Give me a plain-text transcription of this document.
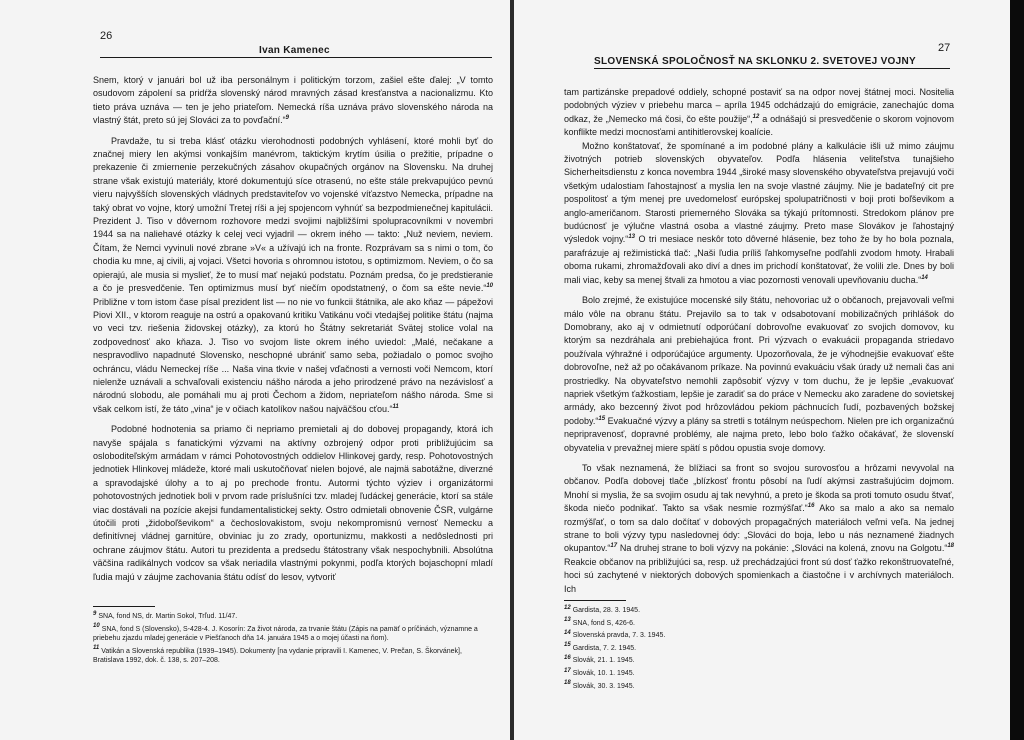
26
Ivan Kamenec

Snem, ktorý v januári bol už iba personálnym i politickým torzom, zašiel ešte ďalej: „V tomto osudovom zápolení sa pridŕža slovenský národ mravných zásad kresťanstva a nacionalizmu. Kto tieto práva uznáva — ten je jeho priateľom. Nemecká ríša uznáva právo slovenského národa na vlastný štát, preto sú jej Slováci za to povďační.“$^9$

Pravdaže, tu si treba klásť otázku vierohodnosti podobných vyhlásení, ktoré mohli byť do značnej miery len akýmsi vonkajším manévrom, taktickým krytím úsilia o prežitie, prípadne o prekazenie či zmiernenie perzekučných zásahov okupačných orgánov na Slovensku. Na druhej strane však existujú materiály, ktoré dokumentujú síce otrasenú, no ešte stále prekvapujúco pevnú vieru najvyšších slovenských vládnych predstaviteľov vo vojenské víťazstvo Nemecka, prípadne na taký obrat vo vojne, ktorý umožní Tretej ríši a jej spojencom vyhnúť sa bezpodmienečnej kapitulácii. Prezident J. Tiso v dôvernom rozhovore medzi svojimi najbližšími spolupracovníkmi v novembri 1944 sa na naliehavé otázky k celej veci vyjadril — okrem iného — takto: „Nuž neviem, neviem. Čítam, že Nemci vyvinuli nové zbrane »V« a užívajú ich na fronte. Rozprávam sa s nimi o tom, čo chodia ku mne, aj civili, aj vojaci. Všetci hovoria s ohromnou istotou, s optimizmom. Neviem, o čo sa opierajú, ale musia si myslieť, že to musí mať nejakú podstatu. Poznám predsa, čo je predstieranie a čo je presvedčenie. Ten optimizmus musí byť niečím opodstatnený, o čom sa ešte nevie.“$^{10}$ Približne v tom istom čase písal prezident list — no nie vo funkcii štátnika, ale ako kňaz — pápežovi Piovi XII., v ktorom reaguje na ostrú a opakovanú kritiku Vatikánu voči vtedajšej politike štátu (najma vo veci tzv. riešenia židovskej otázky), za ktorú ho Štátny sekretariát Svätej stolice volal na zodpovednosť ako kňaza. J. Tiso vo svojom liste okrem iného uviedol: „Malé, nečakane a nespravodlivo napadnuté Slovensko, neschopné ubrániť samo seba, požiadalo o pomoc svojho ochráncu, vládu Nemeckej ríše ... Naša vina tkvie v našej vďačnosti a vernosti voči Nemcom, ktorí nielenže uznávali a schvaľovali existenciu nášho národa a jeho prirodzené právo na nezávislosť a národnú slobodu, ale pomáhali mu aj proti Čechom a židom, nepriateľom nášho národa. Sme si však celkom istí, že táto „vina“ je v očiach katolíkov našou najväčšou cťou.“$^{11}$

Podobné hodnotenia sa priamo či nepriamo premietali aj do dobovej propagandy, ktorá ich navyše spájala s fanatickými výzvami na aktívny ozbrojený odpor proti približujúcim sa osloboditeľským armádam v rámci Pohotovostných oddielov Hlinkovej gardy, resp. Pohotovostných jednotiek Hlinkovej mládeže, ktoré mali uskutočňovať nielen bojové, ale najmä sabotážne, diverzné a spravodajské úlohy a to aj po prechode frontu. Autormi týchto výziev i organizátormi pohotovostných jednotiek boli v prvom rade príslušníci tzv. mladej ľudáckej generácie, ktorí sa stále viac dostávali na pozície akejsi fundamentalistickej sekty. Ostro odmietali obnovenie ČSR, vulgárne útočili proti „židoboľševikom“ a čechoslovakistom, svoju nekompromisnú vernosť Nemecku a definitívnej vládnej garnitúre, obviniac ju zo zrady, oportunizmu, makkosti a nedôslednosti pri ochrane záujmov štátu. Autori tu prezidenta a predsedu štátostrany však nespochybnili. Absolútna väčšina radikálnych vodcov sa však neriadila vlastnými pokynmi, podľa ktorých bojaschopní mladí ľudia majú v záujme zachovania štátu odísť do lesov, vytvoriť

9 SNA, fond NS, dr. Martin Sokol, Trľud. 11/47.
10 SNA, fond S (Slovensko), S-428-4. J. Kosorín: Za život národa, za trvanie štátu (Zápis na pamäť o príčinách, významne a priebehu zjazdu mladej generácie v Piešťanoch dňa 14. januára 1945 a o mojej účasti na ňom).
11 Vatikán a Slovenská republika (1939–1945). Dokumenty [na vydanie pripravili I. Kamenec, V. Prečan, S. Škorvánek], Bratislava 1992, dok. č. 138, s. 207–208.
27
SLOVENSKÁ SPOLOČNOSŤ NA SKLONKU 2. SVETOVEJ VOJNY

tam partizánske prepadové oddiely, schopné postaviť sa na odpor novej štátnej moci. Nositelia podobných výziev v priebehu marca – apríla 1945 odchádzajú do emigrácie, zanechajúc doma odkaz, že „Nemecko má čosi, čo ešte použije“,$^{12}$ a odnášajú si presvedčenie o skorom vojnovom konflikte medzi mocnosťami antihitlerovskej koalície.

Možno konštatovať, že spomínané a im podobné plány a kalkulácie išli už mimo záujmu životných potrieb slovenských obyvateľov. Podľa hlásenia veliteľstva tunajšieho Sicherheitsdienstu z konca novembra 1944 „široké masy slovenského obyvateľstva prejavujú voči všetkým udalostiam ľahostajnosť a myslia len na svoje vlastné záujmy. Nie je badateľný cit pre pospolitosť a tým menej pre uvedomelosť európskej spolupatričnosti v boji proti boľševikom a anglo-američanom. Starosti priemerného Slováka sa týkajú prítomnosti. Stredokom plánov pre budúcnosť je výlučne vlastná osoba a vlastné záujmy. Preto mase Slovákov je ľahostajný výsledok vojny.“$^{13}$ O tri mesiace neskôr toto dôverné hlásenie, bez toho že by ho bola poznala, parafrázuje aj režimistická tlač: „Naši ľudia príliš ľahkomyseľne podľahli zvodom hmoty. Hrabali obomа rukami, zhromažďovali ako diví a dnes im prichodí konštatovať, že volili zle. Dnes by boli mali viac, keby sa menej štvali za hmotou a viac pozornosti venovali upevňovaniu ducha.“$^{14}$

Bolo zrejmé, že existujúce mocenské sily štátu, nehovoriac už o občanoch, prejavovali veľmi málo vôle na obranu štátu. Prejavilo sa to tak v odsabotovaní mobilizačných prihlášok do Domobrany, ako aj v odmietnutí odporúčaní dobrovoľne evakuovať zo svojich domovov, ku ktorým sa nezdráhala ani prebiehajúca front. Pri výzvach o evakuácii propaganda striedavo používala výhražné i odporúčajúce argumenty. Upozorňovala, že je výhodnejšie evakuovať ešte dobrovoľne, než až po očakávanom príkaze. Na povinnú evakuáciu však úrady už nemali čas ani prostriedky. Na obyvateľstvo nemohli zapôsobiť výzvy v tom duchu, že je lepšie „evakuovať napriek všetkým ťažkostiam, lepšie je zaradiť sa do práce v Nemecku ako zaradene do sovietskej armády, ako bezcenný život pod hrôzovládou pekiom páchnucích ľudí, pozbavených božskej podoby.“$^{15}$ Evakuačné výzvy a plány sa stretli s totálnym neúspechom. Nielen pre ich organizačnú nepripravenosť, dopravné problémy, ale najma preto, lebo bolo ťažko očakávať, že slovenskí obyvatelia v prevažnej miere spätí s pôdou opustia svoje domovy.

To však neznamená, že blížiaci sa front so svojou surovosťou a hrôzami nevyvolal na občanov. Podľa dobovej tlače „blízkosť frontu pôsobí na ľudí akýmsi zastrašujúcim dojmom. Mnohí si myslia, že sa svojim osudu aj tak nevyhnú, a preto je škoda sa proti tomuto osudu štvať, škoda niečo podnikať. Takto sa však nesmie rozmýšľať.“$^{16}$ Ako sa malo a ako sa nemalo rozmýšľať, o tom sa dalo dočítať v dobových propagačných materiáloch veľmi veľa. Na jednej strane to boli výzvy typu nasledovnej ódy: „Slováci do boja, lebo u nás neznamené žiadnych okupantov.“$^{17}$ Na druhej strane to boli výzvy na pokánie: „Slováci na kolená, znovu na Golgotu.“$^{18}$ Reakcie občanov na približujúci sa, resp. už prechádzajúci front sú dosť ťažko rekonštruovateľné, hoci sú zachytené v niektorých dobových spomienkach a čiastočne i v archívnych materiáloch. Ich

12 Gardista, 28. 3. 1945.
13 SNA, fond S, 426-6.
14 Slovenská pravda, 7. 3. 1945.
15 Gardista, 7. 2. 1945.
16 Slovák, 21. 1. 1945.
17 Slovák, 10. 1. 1945.
18 Slovák, 30. 3. 1945.
